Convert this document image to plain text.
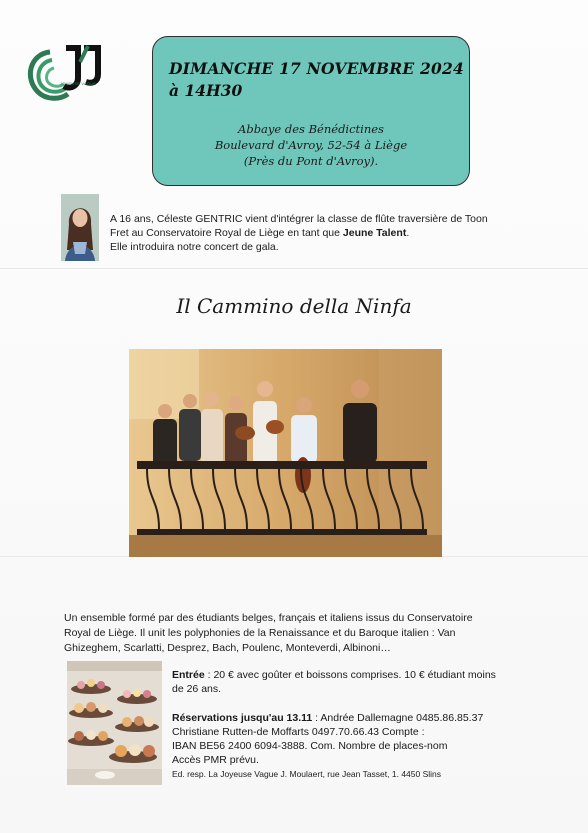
JOYEUSE VAGUE
DIMANCHE 17 NOVEMBRE 2024
à 14H30
Abbaye des Bénédictines
Boulevard d'Avroy, 52-54 à Liège
(Près du Pont d'Avroy).
A 16 ans, Céleste GENTRIC vient d'intégrer la classe de flûte traversière de Toon
Fret au Conservatoire Royal de Liège en tant que Jeune Talent.
Elle introduira notre concert de gala.
Il Cammino della Ninfa
Un ensemble formé par des étudiants belges, français et italiens issus du Conservatoire
Royal de Liège. Il unit les polyphonies de la Renaissance et du Baroque italien : Van
Ghizeghem, Scarlatti, Desprez, Bach, Poulenc, Monteverdi, Albinoni…
Entrée : 20 € avec goûter et boissons comprises. 10 € étudiant moins
de 26 ans.
Réservations jusqu'au 13.11 : Andrée Dallemagne 0485.86.85.37
Christiane Rutten-de Moffarts 0497.70.66.43 Compte :
IBAN BE56 2400 6094-3888. Com. Nombre de places-nom
Accès PMR prévu.
Ed. resp. La Joyeuse Vague J. Moulaert, rue Jean Tasset, 1. 4450 Slins
